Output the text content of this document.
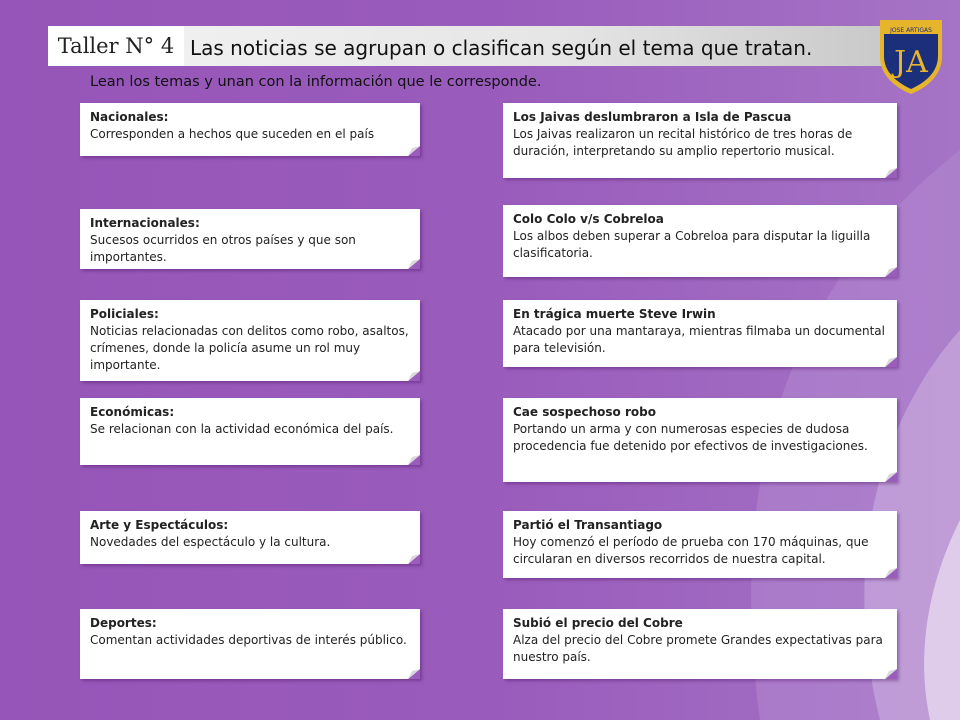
Taller N° 4 Las noticias se agrupan o clasifican según el tema que tratan.
Lean los temas y unan con la información que le corresponde.
JOSE ARTIGAS
JA
Nacionales:
Corresponden a hechos que suceden en el país
Internacionales:
Sucesos ocurridos en otros países y que son importantes.
Policiales:
Noticias relacionadas con delitos como robo, asaltos, crímenes, donde la policía asume un rol muy importante.
Económicas:
Se relacionan con la actividad económica del país.
Arte y Espectáculos:
Novedades del espectáculo y la cultura.
Deportes:
Comentan actividades deportivas de interés público.
Los Jaivas deslumbraron a Isla de Pascua
Los Jaivas realizaron un recital histórico de tres horas de duración, interpretando su amplio repertorio musical.
Colo Colo v/s Cobreloa
Los albos deben superar a Cobreloa para disputar la liguilla clasificatoria.
En trágica muerte Steve Irwin
Atacado por una mantaraya, mientras filmaba un documental para televisión.
Cae sospechoso robo
Portando un arma y con numerosas especies de dudosa procedencia fue detenido por efectivos de investigaciones.
Partió el Transantiago
Hoy comenzó el período de prueba con 170 máquinas, que circularan en diversos recorridos de nuestra capital.
Subió el precio del Cobre
Alza del precio del Cobre promete Grandes expectativas para nuestro país.
